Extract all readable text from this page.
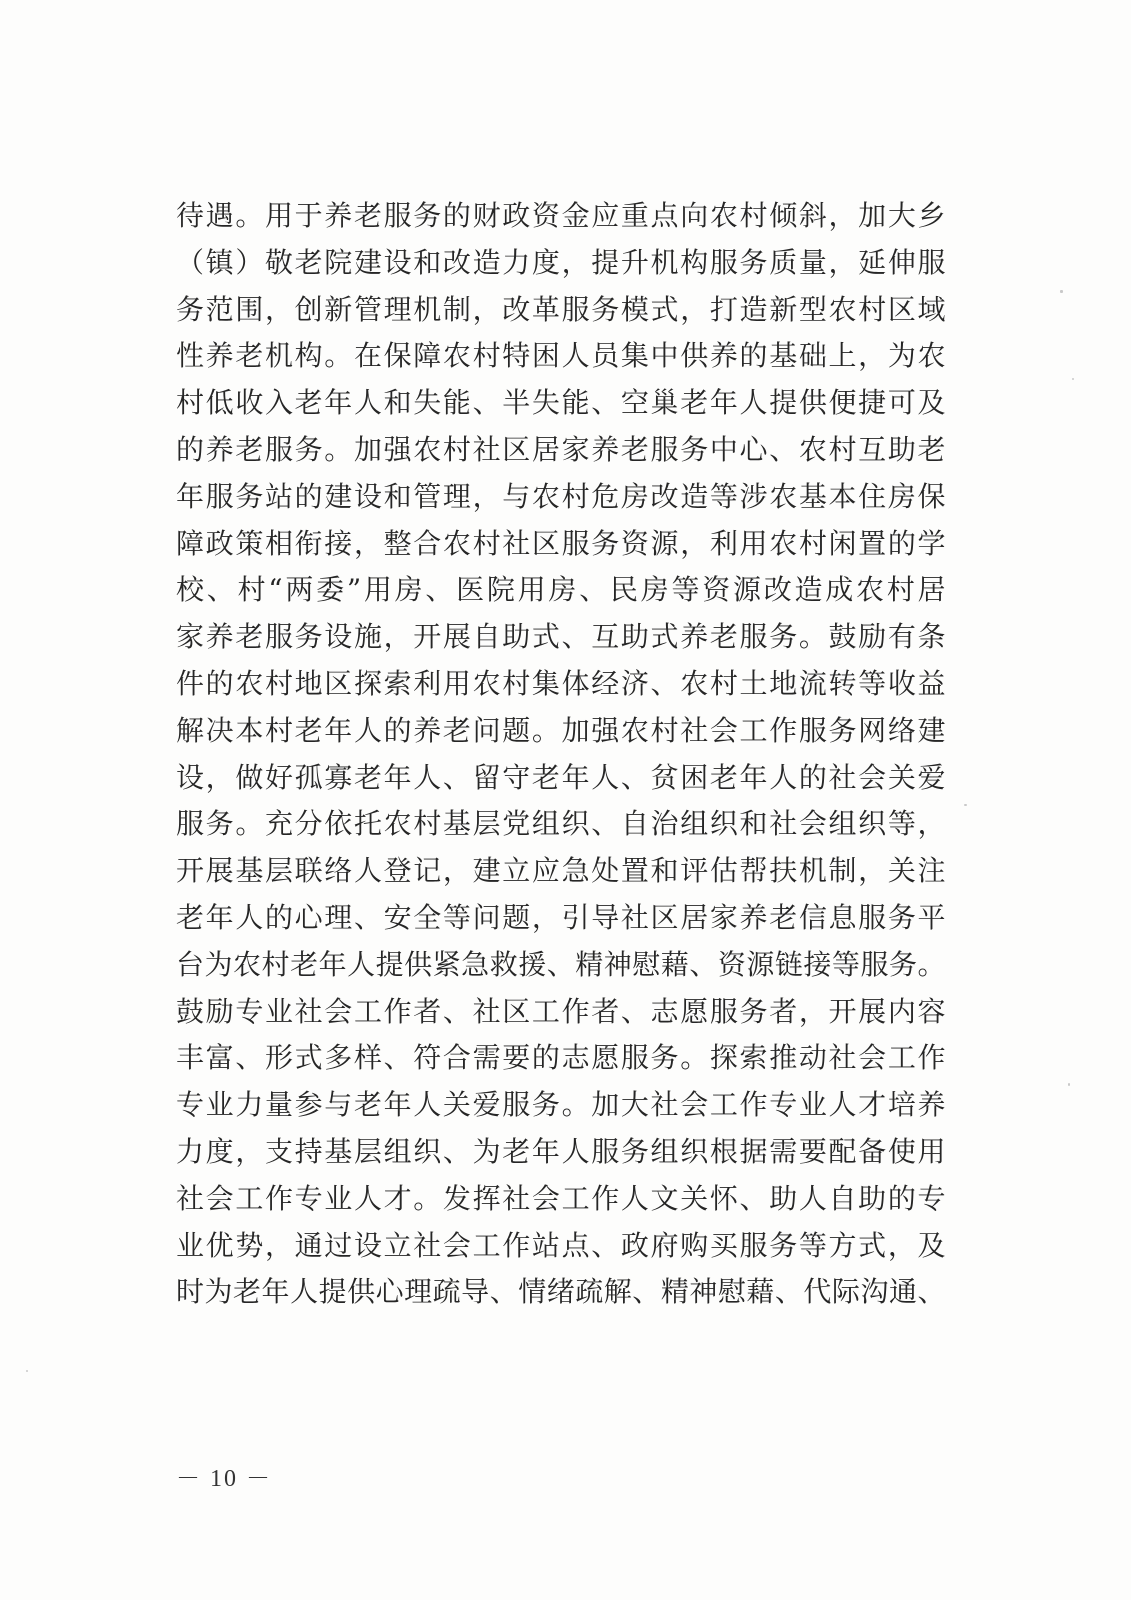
待遇。用于养老服务的财政资金应重点向农村倾斜，加大乡
（镇）敬老院建设和改造力度，提升机构服务质量，延伸服
务范围，创新管理机制，改革服务模式，打造新型农村区域
性养老机构。在保障农村特困人员集中供养的基础上，为农
村低收入老年人和失能、半失能、空巢老年人提供便捷可及
的养老服务。加强农村社区居家养老服务中心、农村互助老
年服务站的建设和管理，与农村危房改造等涉农基本住房保
障政策相衔接，整合农村社区服务资源，利用农村闲置的学
校、村“两委”用房、医院用房、民房等资源改造成农村居
家养老服务设施，开展自助式、互助式养老服务。鼓励有条
件的农村地区探索利用农村集体经济、农村土地流转等收益
解决本村老年人的养老问题。加强农村社会工作服务网络建
设，做好孤寡老年人、留守老年人、贫困老年人的社会关爱
服务。充分依托农村基层党组织、自治组织和社会组织等，
开展基层联络人登记，建立应急处置和评估帮扶机制，关注
老年人的心理、安全等问题，引导社区居家养老信息服务平
台为农村老年人提供紧急救援、精神慰藉、资源链接等服务。
鼓励专业社会工作者、社区工作者、志愿服务者，开展内容
丰富、形式多样、符合需要的志愿服务。探索推动社会工作
专业力量参与老年人关爱服务。加大社会工作专业人才培养
力度，支持基层组织、为老年人服务组织根据需要配备使用
社会工作专业人才。发挥社会工作人文关怀、助人自助的专
业优势，通过设立社会工作站点、政府购买服务等方式，及
时为老年人提供心理疏导、情绪疏解、精神慰藉、代际沟通、
－ 10 －
